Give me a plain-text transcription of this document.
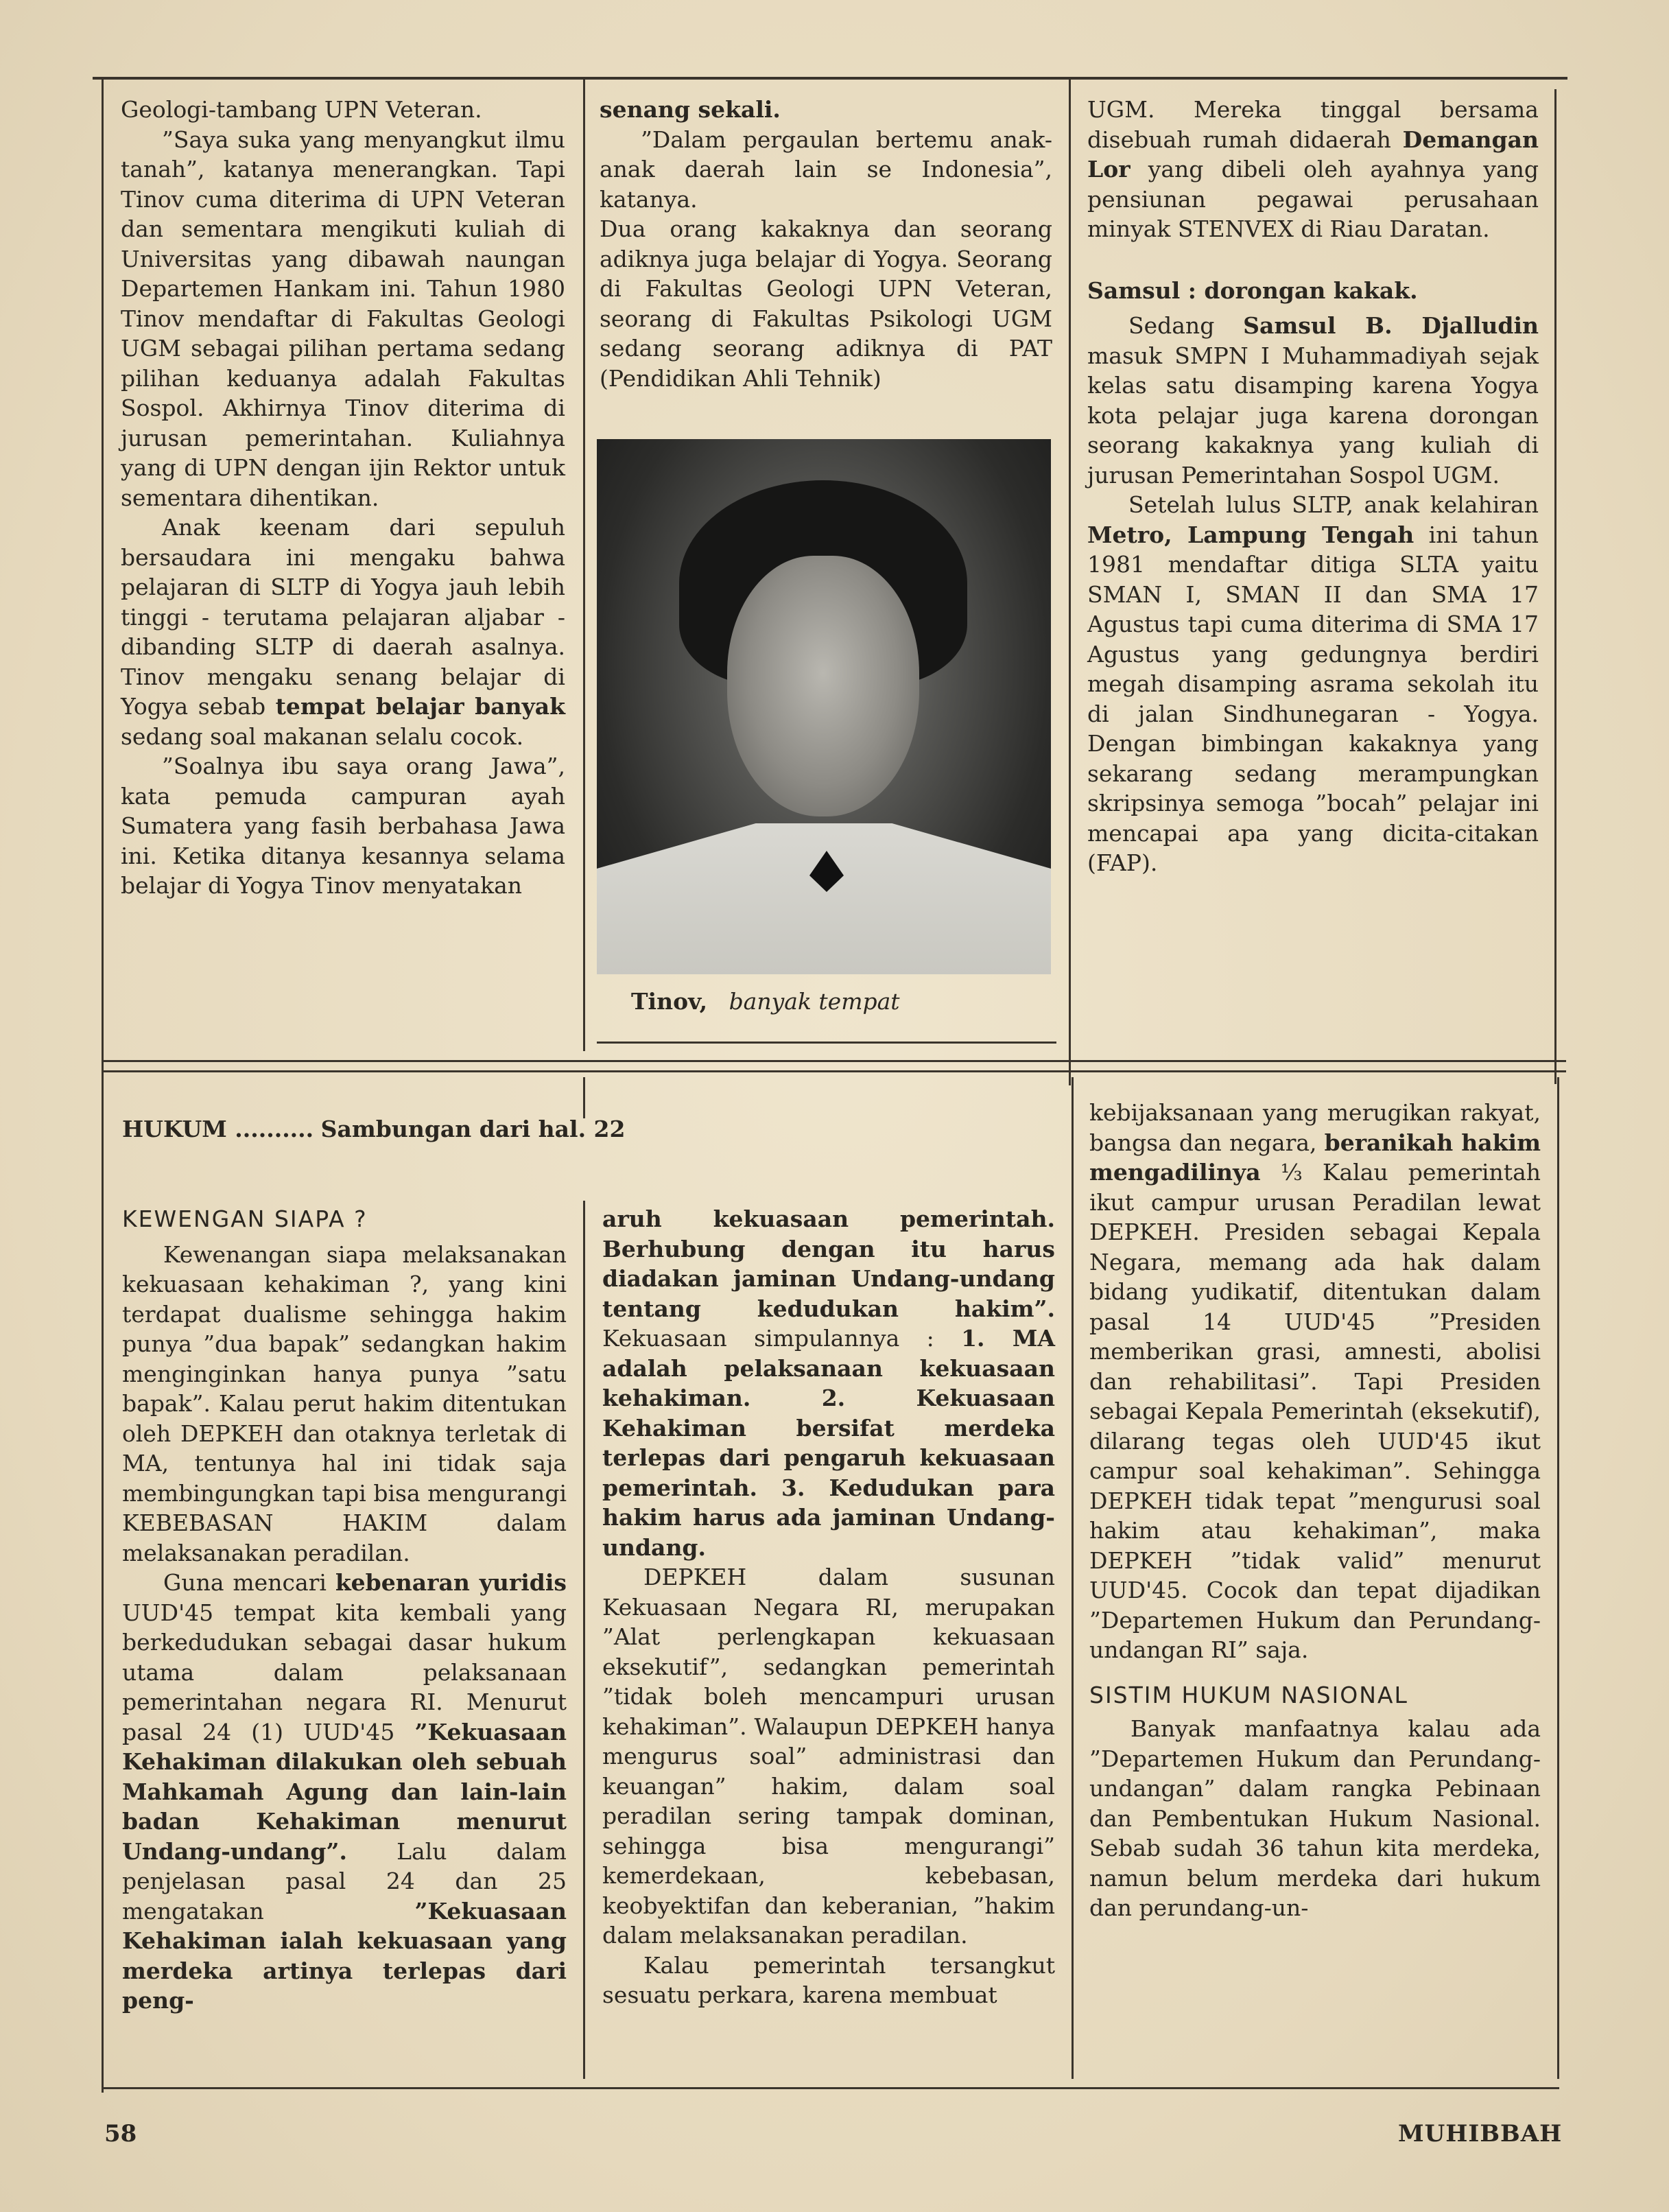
Geologi-tambang UPN Veteran.

”Saya suka yang menyangkut ilmu tanah”, katanya menerangkan. Tapi Tinov cuma diterima di UPN Veteran dan sementara mengikuti kuliah di Universitas yang dibawah naungan Departemen Hankam ini. Tahun 1980 Tinov mendaftar di Fakultas Geologi UGM sebagai pilihan pertama sedang pilihan keduanya adalah Fakultas Sospol. Akhirnya Tinov diterima di jurusan pemerintahan. Kuliahnya yang di UPN dengan ijin Rektor untuk sementara dihentikan.

Anak keenam dari sepuluh bersaudara ini mengaku bahwa pelajaran di SLTP di Yogya jauh lebih tinggi - terutama pelajaran aljabar - dibanding SLTP di daerah asalnya. Tinov mengaku senang belajar di Yogya sebab tempat belajar banyak sedang soal makanan selalu cocok.

”Soalnya ibu saya orang Jawa”, kata pemuda campuran ayah Sumatera yang fasih berbahasa Jawa ini. Ketika ditanya kesannya selama belajar di Yogya Tinov menyatakan

senang sekali.

”Dalam pergaulan bertemu anak-anak daerah lain se Indonesia”, katanya.

Dua orang kakaknya dan seorang adiknya juga belajar di Yogya. Seorang di Fakultas Geologi UPN Veteran, seorang di Fakultas Psikologi UGM sedang seorang adiknya di PAT (Pendidikan Ahli Tehnik)

Tinov, banyak tempat

UGM. Mereka tinggal bersama disebuah rumah didaerah Demangan Lor yang dibeli oleh ayahnya yang pensiunan pegawai perusahaan minyak STENVEX di Riau Daratan.

Samsul : dorongan kakak.

Sedang Samsul B. Djalludin masuk SMPN I Muhammadiyah sejak kelas satu disamping karena Yogya kota pelajar juga karena dorongan seorang kakaknya yang kuliah di jurusan Pemerintahan Sospol UGM.

Setelah lulus SLTP, anak kelahiran Metro, Lampung Tengah ini tahun 1981 mendaftar ditiga SLTA yaitu SMAN I, SMAN II dan SMA 17 Agustus tapi cuma diterima di SMA 17 Agustus yang gedungnya berdiri megah disamping asrama sekolah itu di jalan Sindhunegaran - Yogya. Dengan bimbingan kakaknya yang sekarang sedang merampungkan skripsinya semoga ”bocah” pelajar ini mencapai apa yang dicita-citakan (FAP).

HUKUM .......... Sambungan dari hal. 22
KEWENGAN SIAPA ?

Kewenangan siapa melaksanakan kekuasaan kehakiman ?, yang kini terdapat dualisme sehingga hakim punya ”dua bapak” sedangkan hakim menginginkan hanya punya ”satu bapak”. Kalau perut hakim ditentukan oleh DEPKEH dan otaknya terletak di MA, tentunya hal ini tidak saja membingungkan tapi bisa mengurangi KEBEBASAN HAKIM dalam melaksanakan peradilan.

Guna mencari kebenaran yuridis UUD'45 tempat kita kembali yang berkedudukan sebagai dasar hukum utama dalam pelaksanaan pemerintahan negara RI. Menurut pasal 24 (1) UUD'45 ”Kekuasaan Kehakiman dilakukan oleh sebuah Mahkamah Agung dan lain-lain badan Kehakiman menurut Undang-undang”. Lalu dalam penjelasan pasal 24 dan 25 mengatakan	”Kekuasaan Kehakiman ialah kekuasaan yang merdeka artinya terlepas dari peng-

aruh kekuasaan pemerintah. Berhubung dengan itu harus diadakan jaminan Undang-undang tentang kedudukan hakim”. Kekuasaan simpulannya : 1. MA adalah pelaksanaan kekuasaan kehakiman. 2. Kekuasaan Kehakiman bersifat merdeka terlepas dari pengaruh kekuasaan pemerintah. 3. Kedudukan para hakim harus ada jaminan Undang-undang.

DEPKEH dalam susunan Kekuasaan Negara RI, merupakan ”Alat perlengkapan kekuasaan eksekutif”, sedangkan pemerintah ”tidak boleh mencampuri urusan kehakiman”. Walaupun DEPKEH hanya mengurus soal” administrasi dan keuangan” hakim, dalam soal peradilan sering tampak dominan, sehingga bisa mengurangi” kemerdekaan, kebebasan, keobyektifan dan keberanian, ”hakim dalam melaksanakan peradilan.

Kalau pemerintah tersangkut sesuatu perkara, karena membuat

kebijaksanaan yang merugikan rakyat, bangsa dan negara, beranikah hakim mengadilinya ⅓ Kalau pemerintah ikut campur urusan Peradilan lewat DEPKEH. Presiden sebagai Kepala Negara, memang ada hak dalam bidang yudikatif, ditentukan dalam pasal 14 UUD'45 ”Presiden memberikan grasi, amnesti, abolisi dan rehabilitasi”. Tapi Presiden sebagai Kepala Pemerintah (eksekutif), dilarang tegas oleh UUD'45 ikut campur soal kehakiman”. Sehingga DEPKEH tidak tepat ”mengurusi soal hakim atau kehakiman”, maka DEPKEH ”tidak valid” menurut UUD'45. Cocok dan tepat dijadikan ”Departemen Hukum dan Perundang-undangan RI” saja.

SISTIM HUKUM NASIONAL

Banyak manfaatnya kalau ada ”Departemen Hukum dan Perundang-undangan” dalam rangka Pebinaan dan Pembentukan Hukum Nasional. Sebab sudah 36 tahun kita merdeka, namun belum merdeka dari hukum dan perundang-un-

58	MUHIBBAH
